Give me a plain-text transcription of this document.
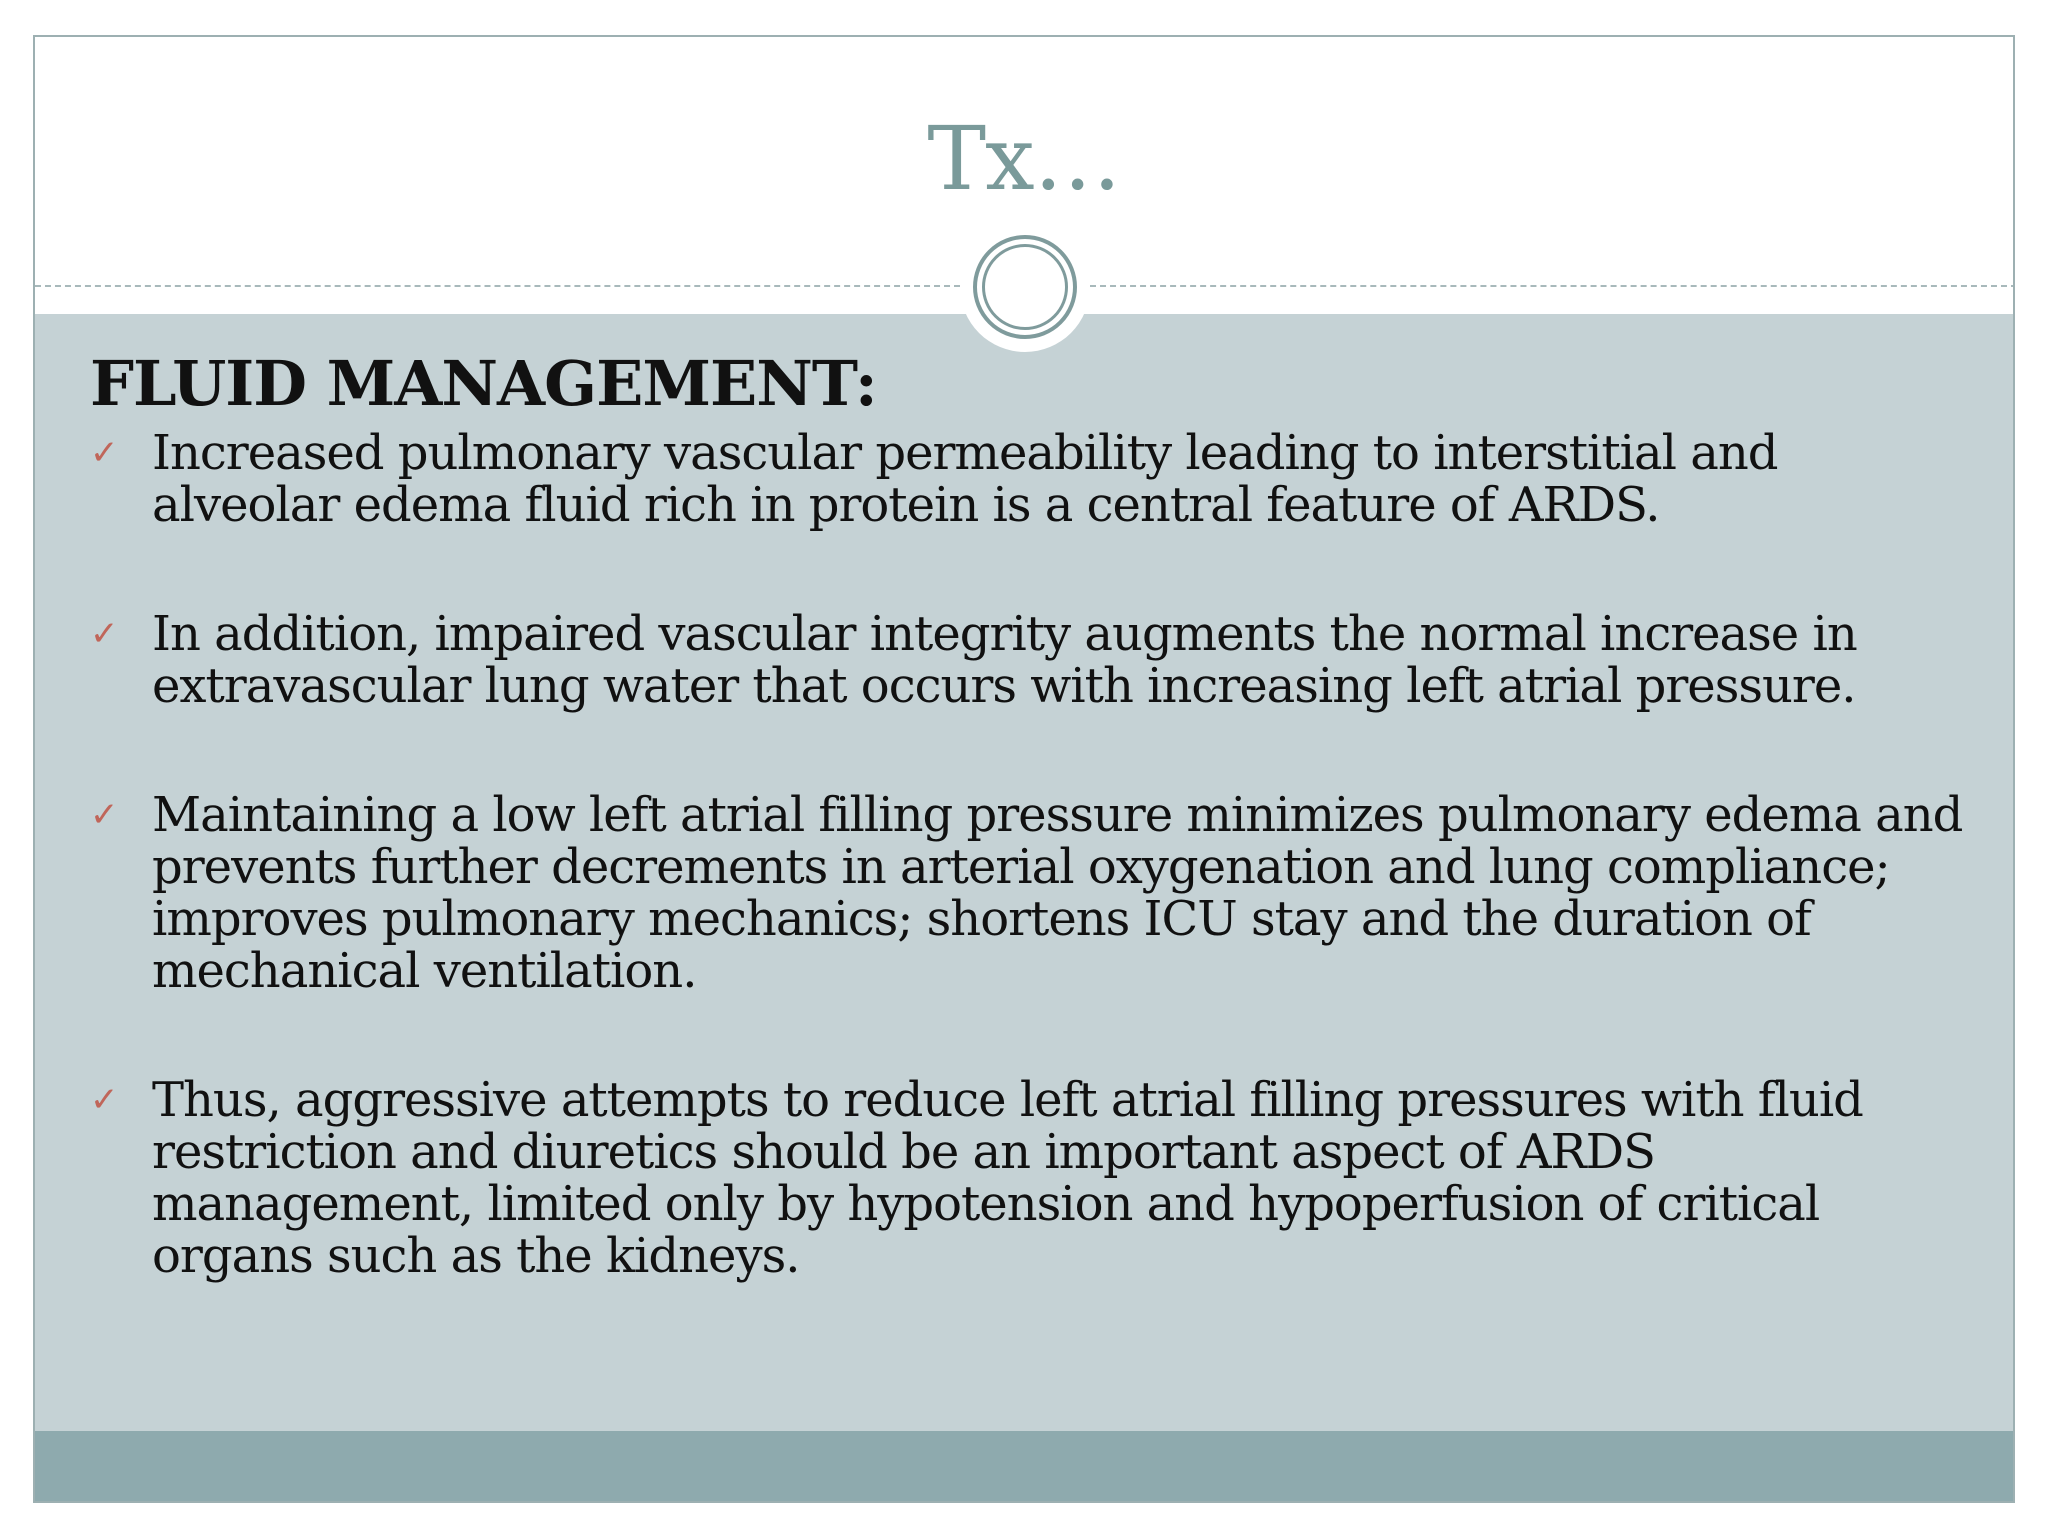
Tx…
FLUID MANAGEMENT:
✓ Increased pulmonary vascular permeability leading to interstitial and alveolar edema fluid rich in protein is a central feature of ARDS.
✓ In addition, impaired vascular integrity augments the normal increase in extravascular lung water that occurs with increasing left atrial pressure.
✓ Maintaining a low left atrial filling pressure minimizes pulmonary edema and prevents further decrements in arterial oxygenation and lung compliance; improves pulmonary mechanics; shortens ICU stay and the duration of mechanical ventilation.
✓ Thus, aggressive attempts to reduce left atrial filling pressures with fluid restriction and diuretics should be an important aspect of ARDS management, limited only by hypotension and hypoperfusion of critical organs such as the kidneys.
